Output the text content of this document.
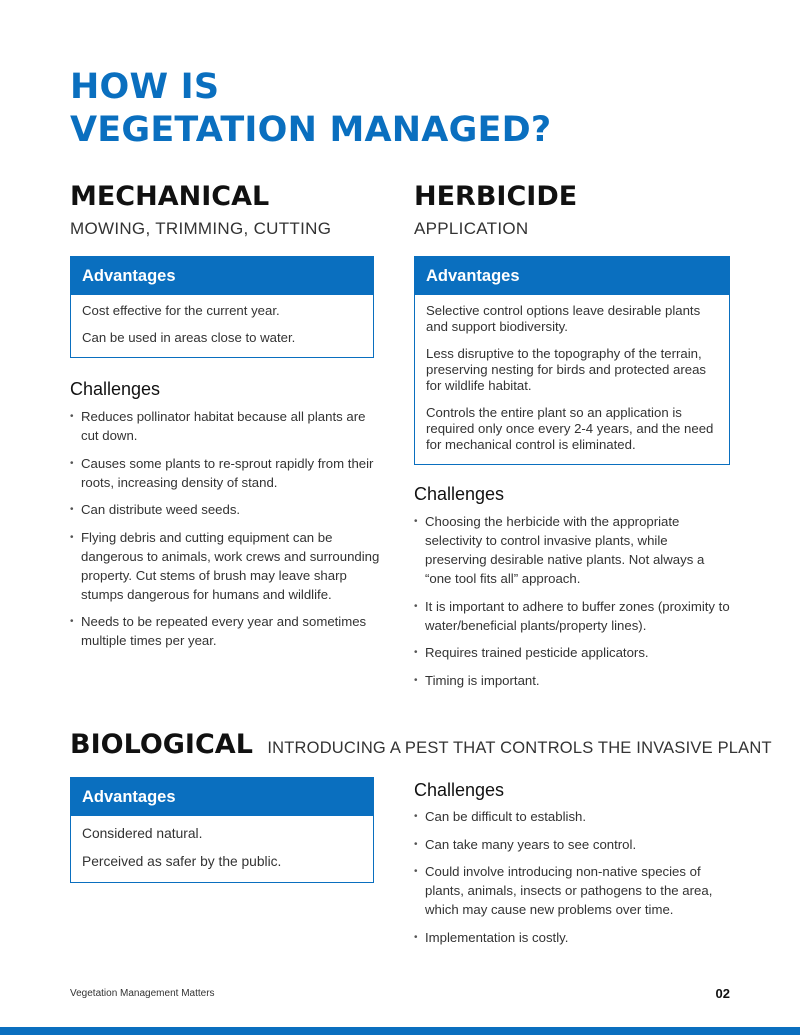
HOW IS
VEGETATION MANAGED?
MECHANICAL

MOWING, TRIMMING, CUTTING

Advantages

Cost effective for the current year.

Can be used in areas close to water.

Challenges
• Reduces pollinator habitat because all plants are cut down.
• Causes some plants to re-sprout rapidly from their roots, increasing density of stand.
• Can distribute weed seeds.
• Flying debris and cutting equipment can be dangerous to animals, work crews and surrounding property. Cut stems of brush may leave sharp stumps dangerous for humans and wildlife.
• Needs to be repeated every year and sometimes multiple times per year.
HERBICIDE

APPLICATION

Advantages

Selective control options leave desirable plants and support biodiversity.

Less disruptive to the topography of the terrain, preserving nesting for birds and protected areas for wildlife habitat.

Controls the entire plant so an application is required only once every 2-4 years, and the need for mechanical control is eliminated.

Challenges
• Choosing the herbicide with the appropriate selectivity to control invasive plants, while preserving desirable native plants. Not always a “one tool fits all” approach.
• It is important to adhere to buffer zones (proximity to water/beneficial plants/property lines).
• Requires trained pesticide applicators.
• Timing is important.
BIOLOGICAL INTRODUCING A PEST THAT CONTROLS THE INVASIVE PLANT
Advantages

Considered natural.

Perceived as safer by the public.

Challenges
• Can be difficult to establish.
• Can take many years to see control.
• Could involve introducing non-native species of plants, animals, insects or pathogens to the area, which may cause new problems over time.
• Implementation is costly.
Vegetation Management Matters	02
